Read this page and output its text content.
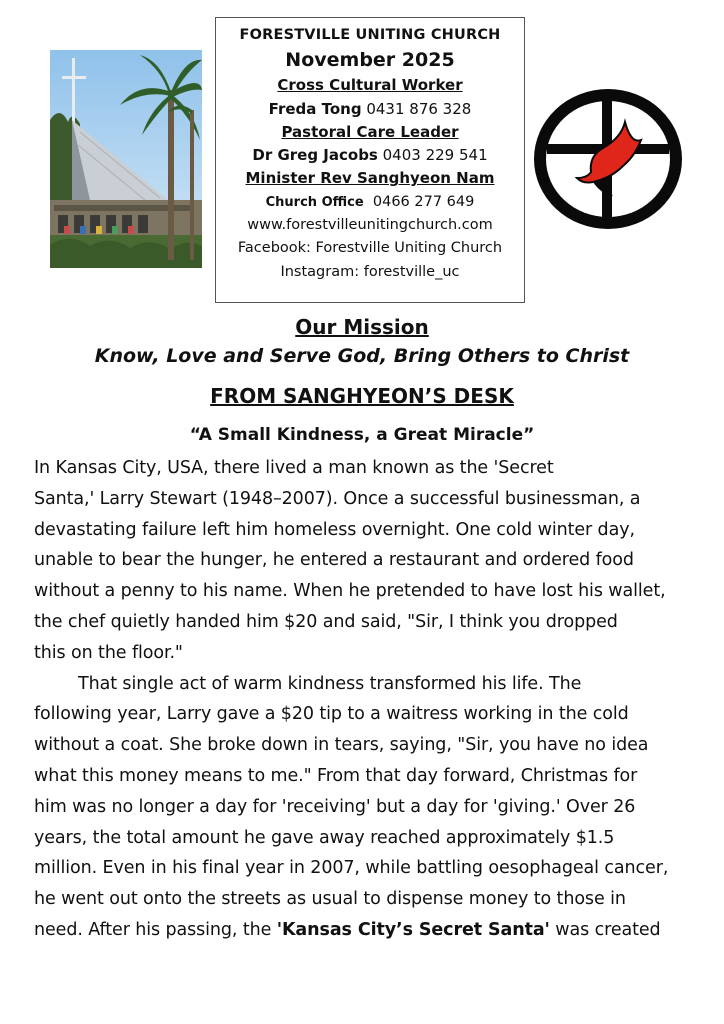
FORESTVILLE UNITING CHURCH
November 2025
Cross Cultural Worker
Freda Tong 0431 876 328
Pastoral Care Leader
Dr Greg Jacobs 0403 229 541
Minister Rev Sanghyeon Nam
Church Office 0466 277 649
www.forestvilleunitingchurch.com
Facebook: Forestville Uniting Church
Instagram: forestville_uc
Our Mission
Know, Love and Serve God, Bring Others to Christ
FROM SANGHYEON’S DESK
“A Small Kindness, a Great Miracle”

In Kansas City, USA, there lived a man known as the 'Secret
Santa,' Larry Stewart (1948–2007). Once a successful businessman, a
devastating failure left him homeless overnight. One cold winter day,
unable to bear the hunger, he entered a restaurant and ordered food
without a penny to his name. When he pretended to have lost his wallet,
the chef quietly handed him $20 and said, "Sir, I think you dropped
this on the floor."

That single act of warm kindness transformed his life. The

following year, Larry gave a $20 tip to a waitress working in the cold
without a coat. She broke down in tears, saying, "Sir, you have no idea
what this money means to me." From that day forward, Christmas for
him was no longer a day for 'receiving' but a day for 'giving.' Over 26
years, the total amount he gave away reached approximately $1.5
million. Even in his final year in 2007, while battling oesophageal cancer,
he went out onto the streets as usual to dispense money to those in
need. After his passing, the 'Kansas City’s Secret Santa' was created
